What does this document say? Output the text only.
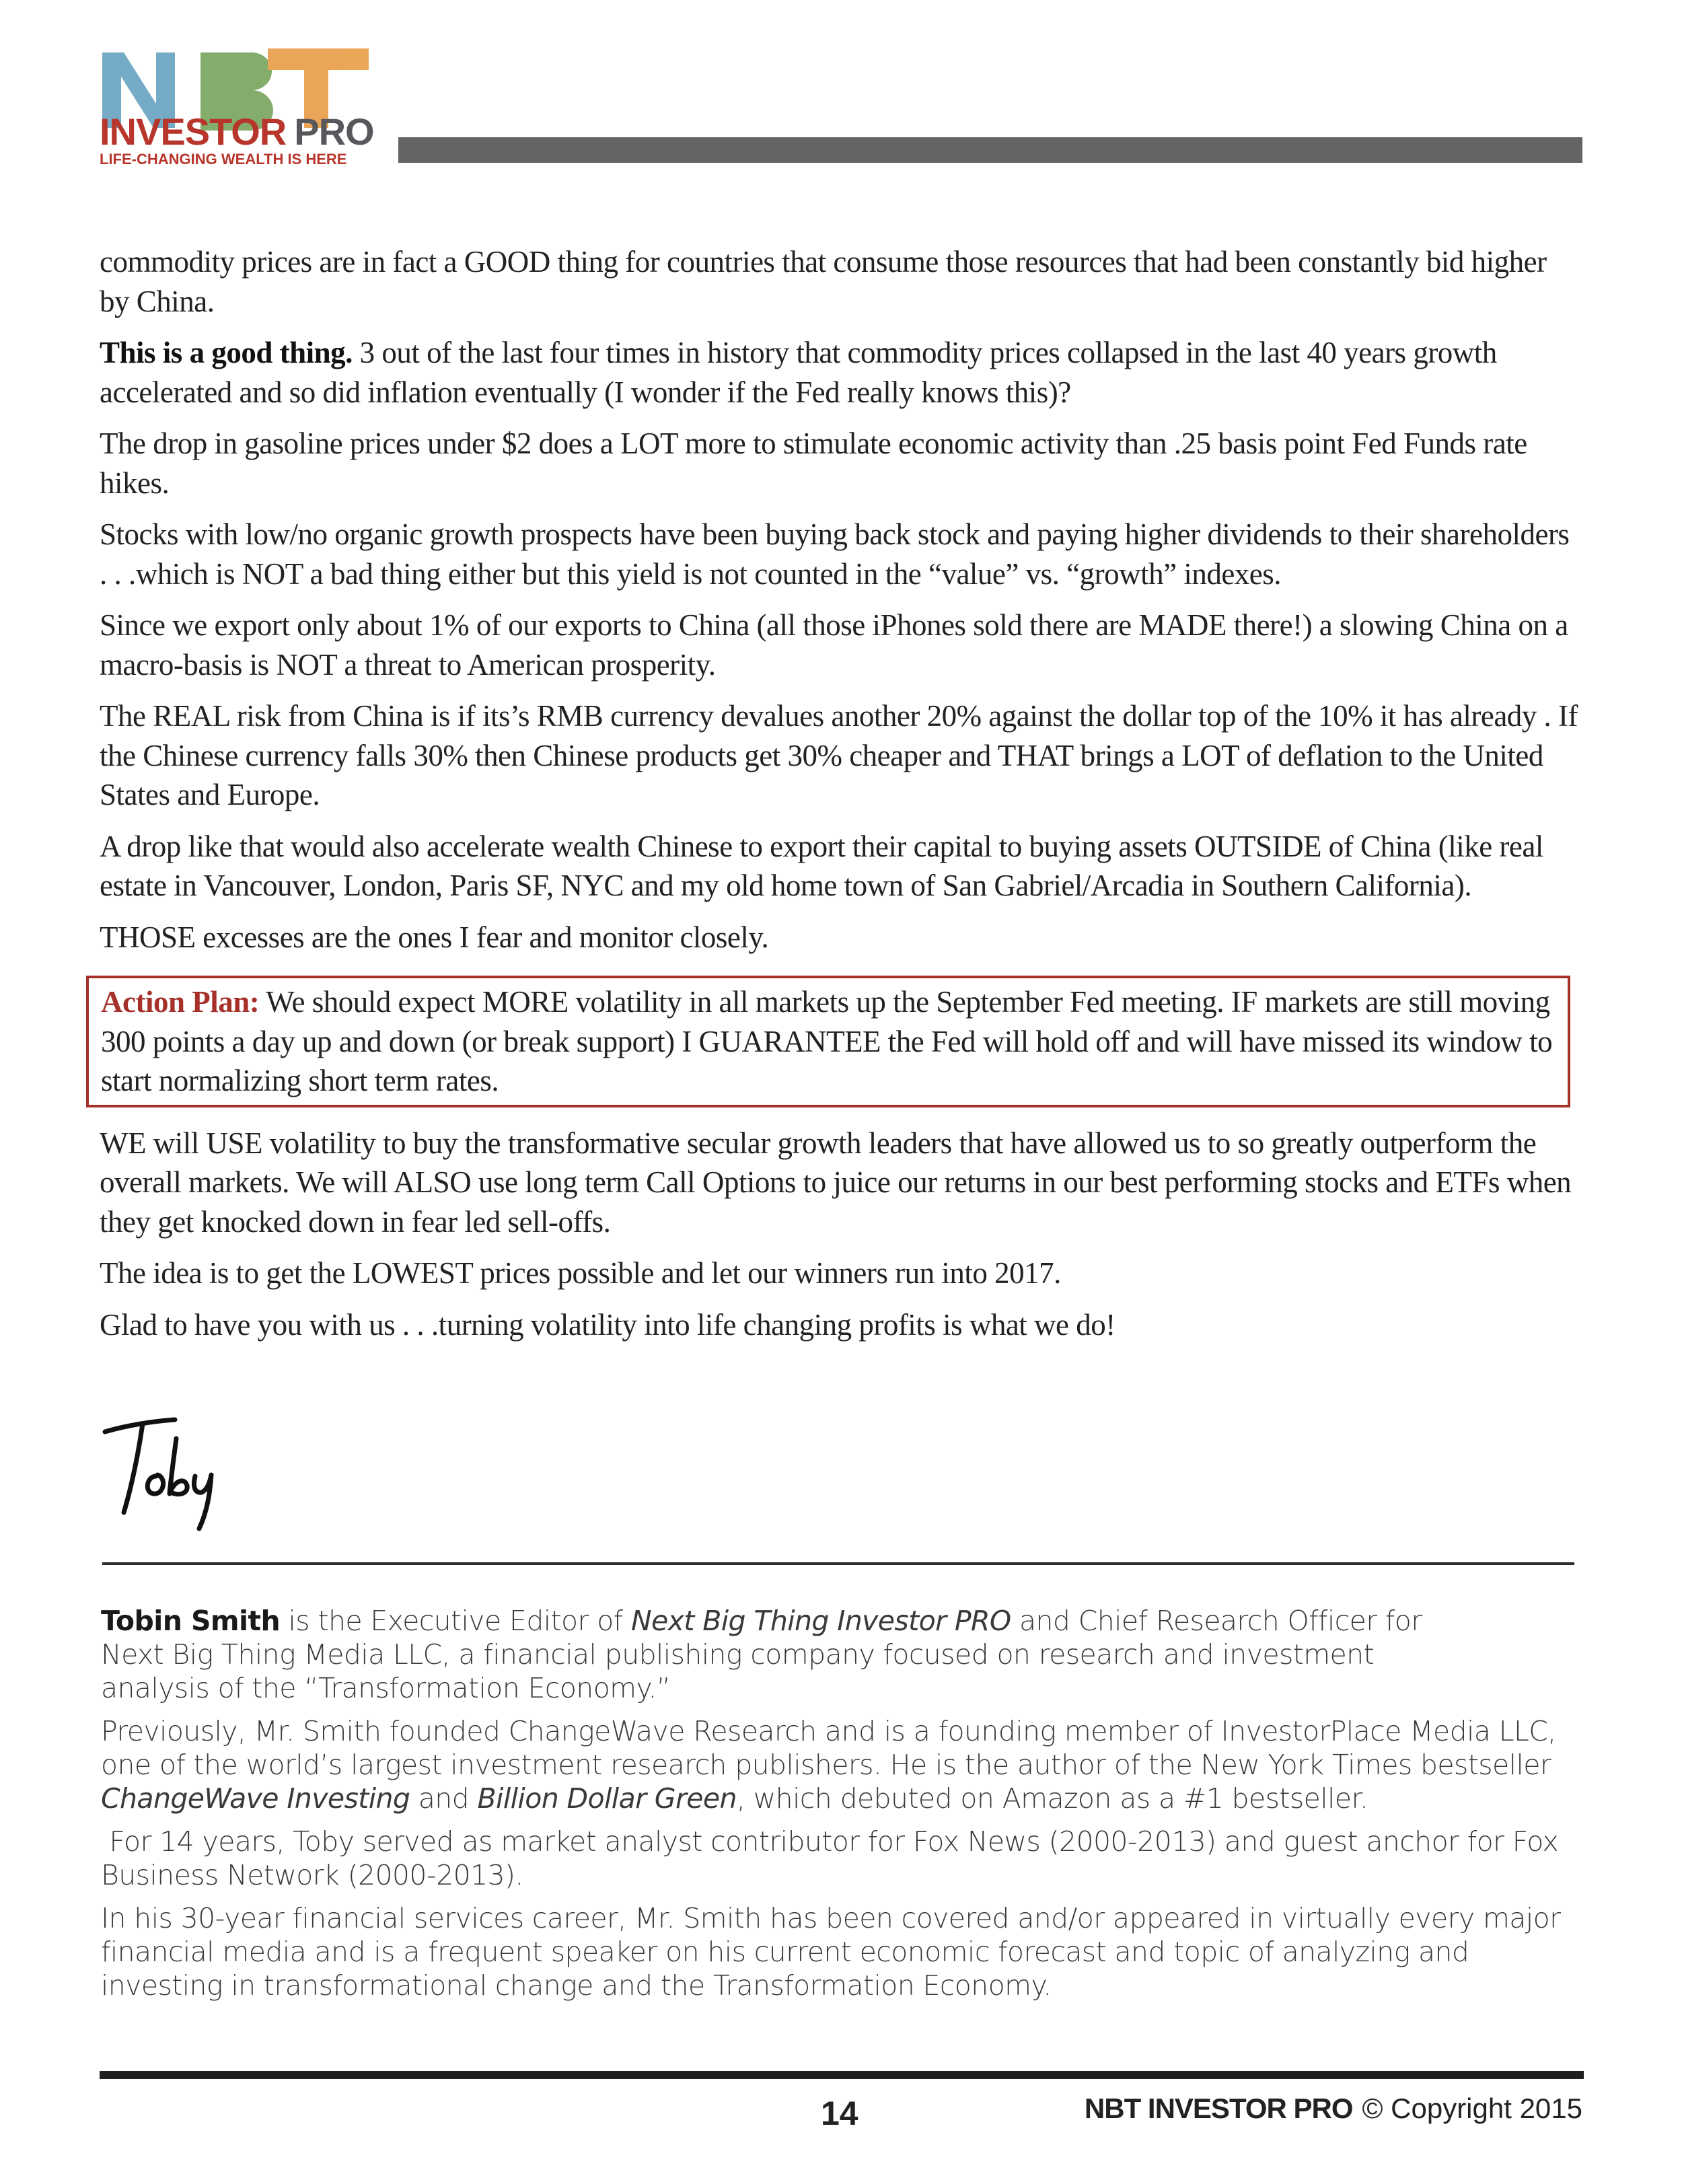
INVESTOR PRO
LIFE-CHANGING WEALTH IS HERE

commodity prices are in fact a GOOD thing for countries that consume those resources that had been constantly bid higher by China.

This is a good thing. 3 out of the last four times in history that commodity prices collapsed in the last 40 years growth accelerated and so did inflation eventually (I wonder if the Fed really knows this)?

The drop in gasoline prices under $2 does a LOT more to stimulate economic activity than .25 basis point Fed Funds rate hikes.

Stocks with low/no organic growth prospects have been buying back stock and paying higher dividends to their shareholders . . .which is NOT a bad thing either but this yield is not counted in the “value” vs. “growth” indexes.

Since we export only about 1% of our exports to China (all those iPhones sold there are MADE there!) a slowing China on a macro-basis is NOT a threat to American prosperity.

The REAL risk from China is if its’s RMB currency devalues another 20% against the dollar top of the 10% it has already . If the Chinese currency falls 30% then Chinese products get 30% cheaper and THAT brings a LOT of deflation to the United States and Europe.

A drop like that would also accelerate wealth Chinese to export their capital to buying assets OUTSIDE of China (like real estate in Vancouver, London, Paris SF, NYC and my old home town of San Gabriel/Arcadia in Southern California).

THOSE excesses are the ones I fear and monitor closely.

Action Plan: We should expect MORE volatility in all markets up the September Fed meeting. IF markets are still moving 300 points a day up and down (or break support) I GUARANTEE the Fed will hold off and will have missed its window to start normalizing short term rates.

WE will USE volatility to buy the transformative secular growth leaders that have allowed us to so greatly outperform the overall markets. We will ALSO use long term Call Options to juice our returns in our best performing stocks and ETFs when they get knocked down in fear led sell-offs.

The idea is to get the LOWEST prices possible and let our winners run into 2017.

Glad to have you with us . . .turning volatility into life changing profits is what we do!

Tobin Smith is the Executive Editor of Next Big Thing Investor PRO and Chief Research Officer for
Next Big Thing Media LLC, a financial publishing company focused on research and investment
analysis of the “Transformation Economy.”
Previously, Mr. Smith founded ChangeWave Research and is a founding member of InvestorPlace Media LLC,
one of the world’s largest investment research publishers. He is the author of the New York Times bestseller
ChangeWave Investing and Billion Dollar Green, which debuted on Amazon as a #1 bestseller.
For 14 years, Toby served as market analyst contributor for Fox News (2000-2013) and guest anchor for Fox
Business Network (2000-2013).
In his 30-year financial services career, Mr. Smith has been covered and/or appeared in virtually every major
financial media and is a frequent speaker on his current economic forecast and topic of analyzing and
investing in transformational change and the Transformation Economy.
14	NBT INVESTOR PRO © Copyright 2015
